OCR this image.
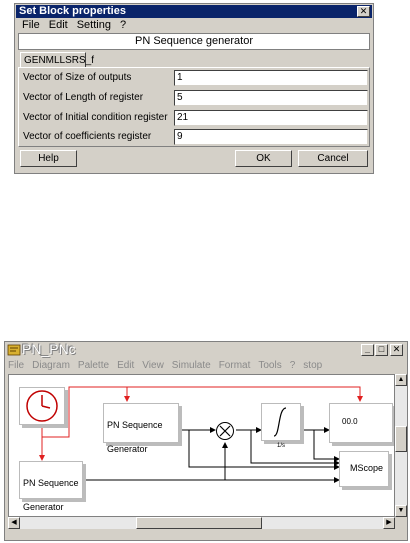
Set Block properties	✕
File Edit Setting ?
PN Sequence generator
GENMLLSRS_f
Vector of Size of outputs	1
Vector of Length of register	5
Vector of Initial condition register 21
Vector of coefficients register	9
Help	OK	Cancel
PN_PNc	_ □ ✕
File Diagram Palette Edit View Simulate Format Tools ? stop

PN Sequence

Generator	1/s
00.0
MScope

PN Sequence

Generator

▲
▼
◀	▶
